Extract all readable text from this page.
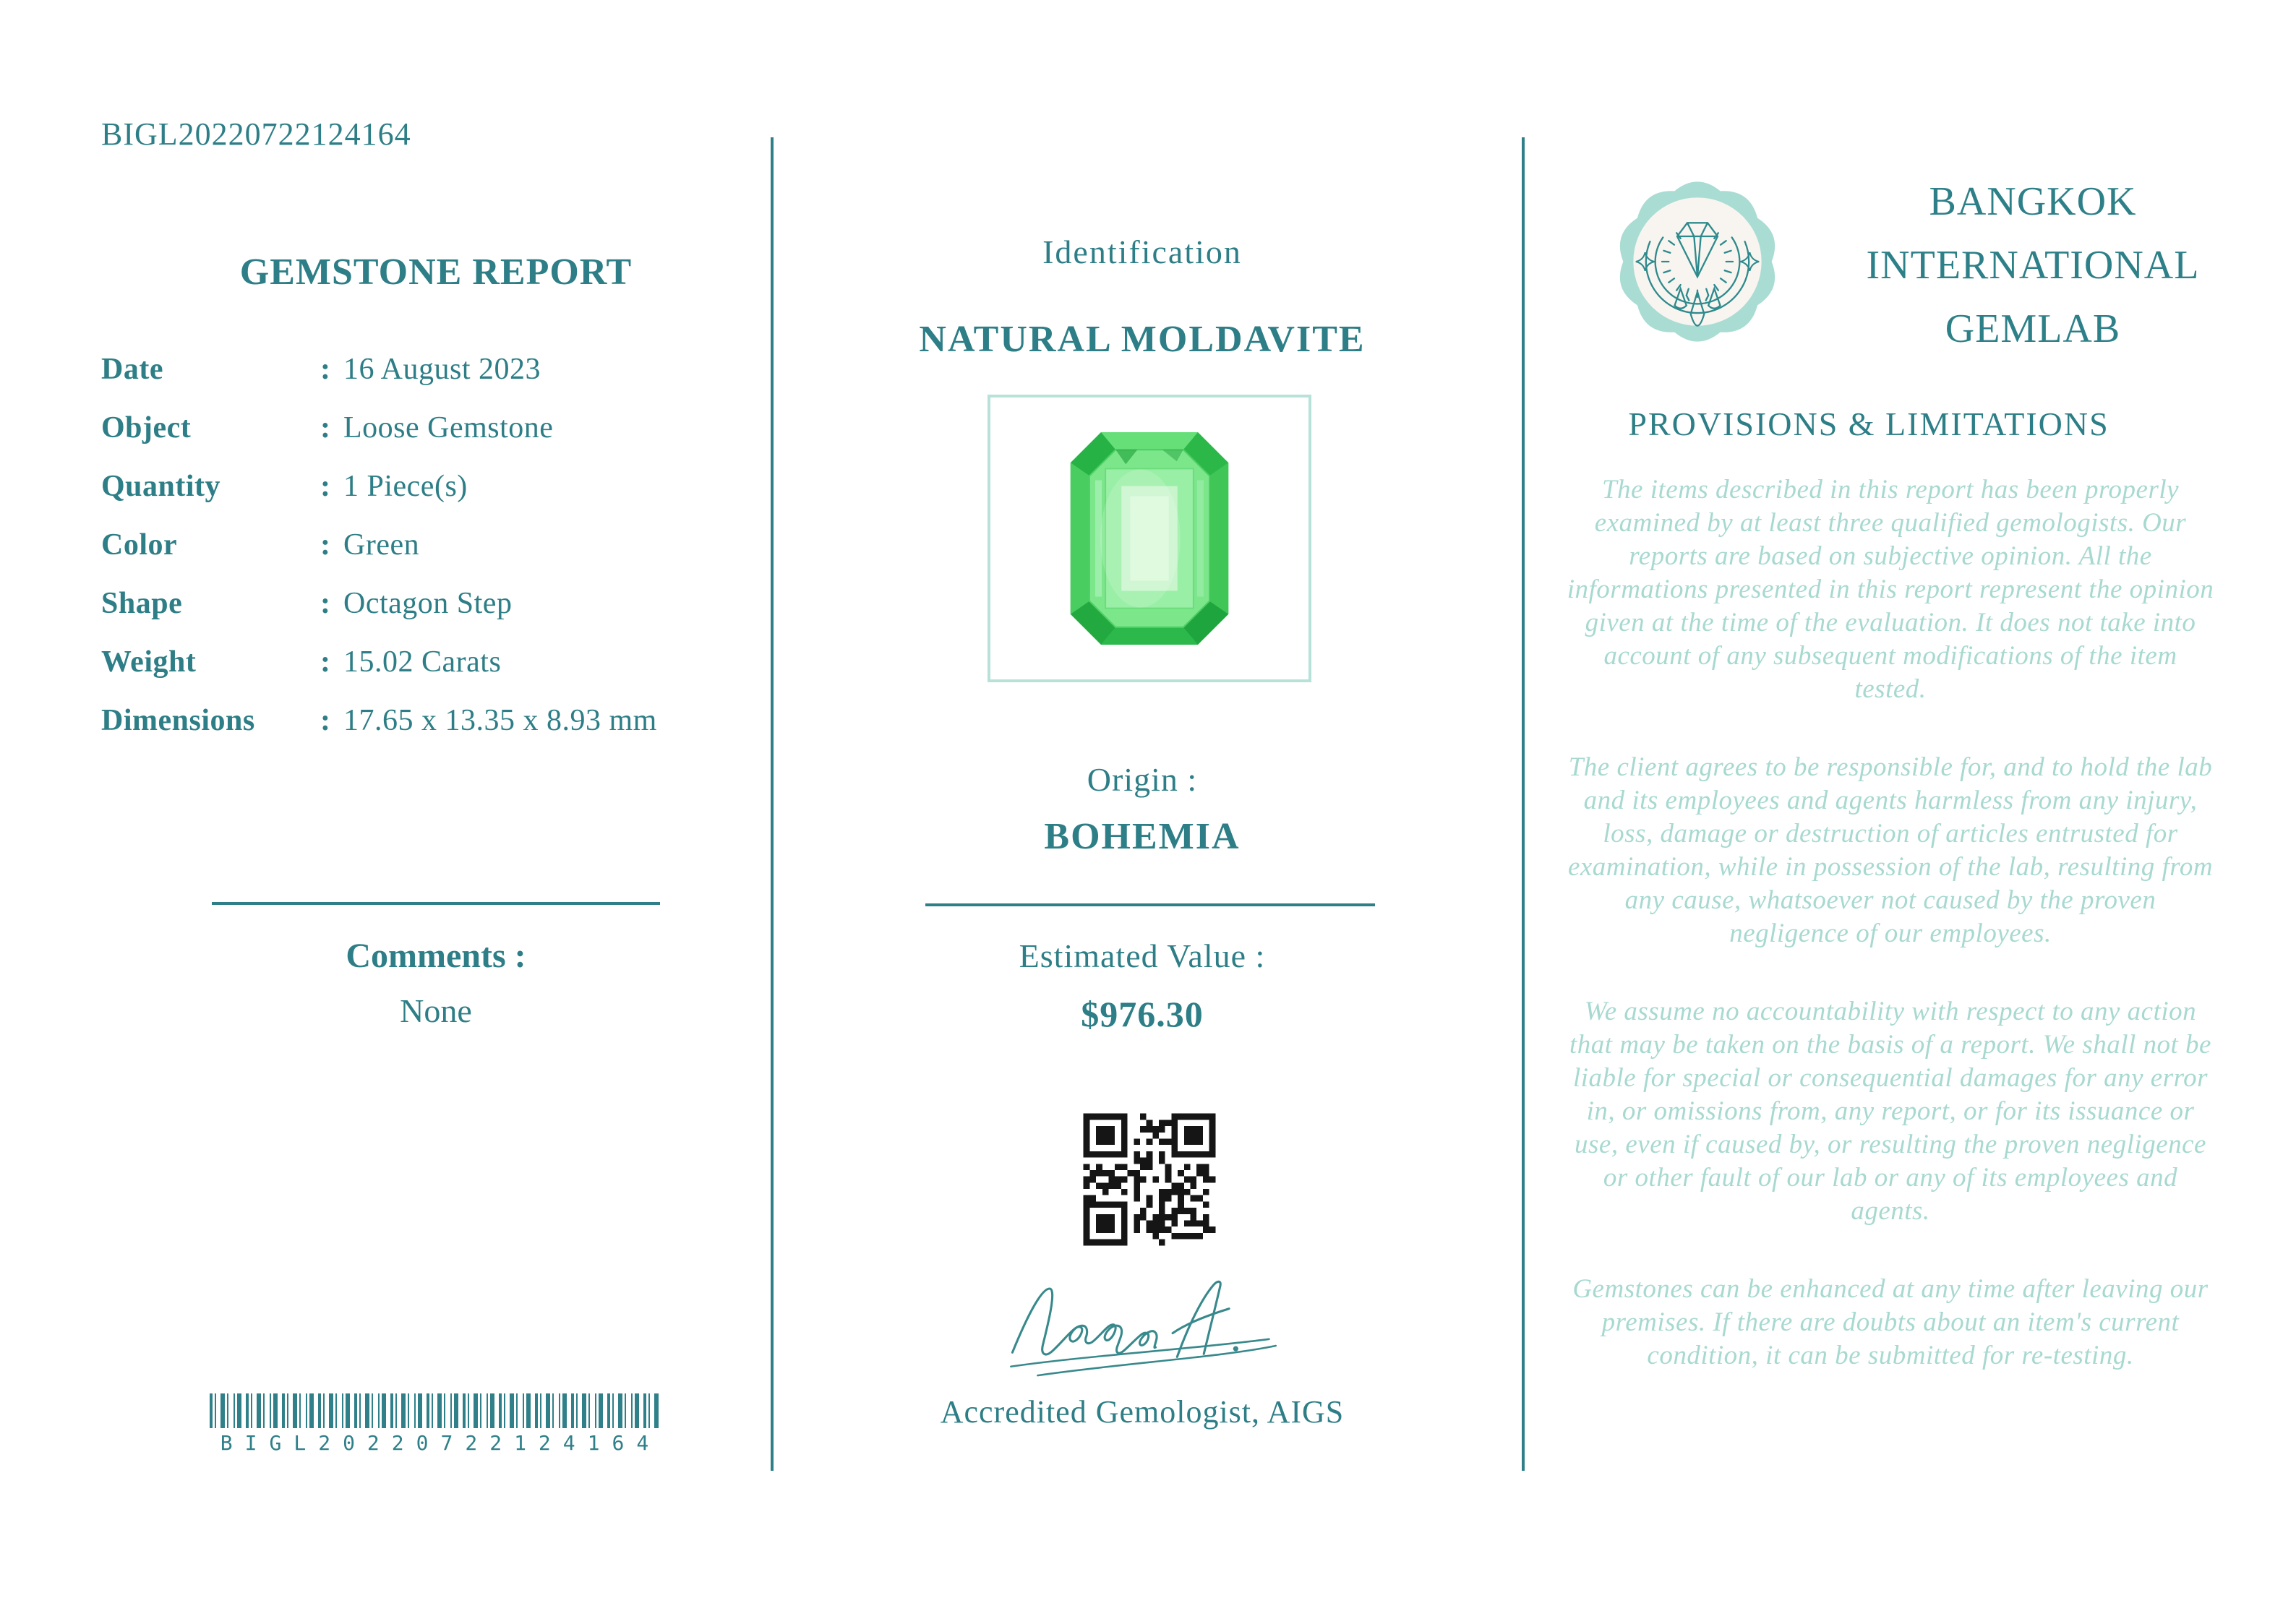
BIGL20220722124164
GEMSTONE REPORT
Date	: 16 August 2023
Object	: Loose Gemstone
Quantity	: 1 Piece(s)
Color	: Green
Shape	: Octagon Step
Weight	: 15.02 Carats
Dimensions	: 17.65 x 13.35 x 8.93 mm
Comments :
None
BIGL20220722124164
Identification
NATURAL MOLDAVITE
Origin :
BOHEMIA
Estimated Value :
$976.30
Accredited Gemologist, AIGS
BANGKOK
INTERNATIONAL
GEMLAB
PROVISIONS & LIMITATIONS

The items described in this report has been properly examined by at least three qualified gemologists. Our reports are based on subjective opinion. All the informations presented in this report represent the opinion given at the time of the evaluation. It does not take into account of any subsequent modifications of the item tested.

The client agrees to be responsible for, and to hold the lab and its employees and agents harmless from any injury, loss, damage or destruction of articles entrusted for examination, while in possession of the lab, resulting from any cause, whatsoever not caused by the proven negligence of our employees.

We assume no accountability with respect to any action that may be taken on the basis of a report. We shall not be liable for special or consequential damages for any error in, or omissions from, any report, or for its issuance or use, even if caused by, or resulting the proven negligence or other fault of our lab or any of its employees and agents.

Gemstones can be enhanced at any time after leaving our premises. If there are doubts about an item's current condition, it can be submitted for re-testing.
